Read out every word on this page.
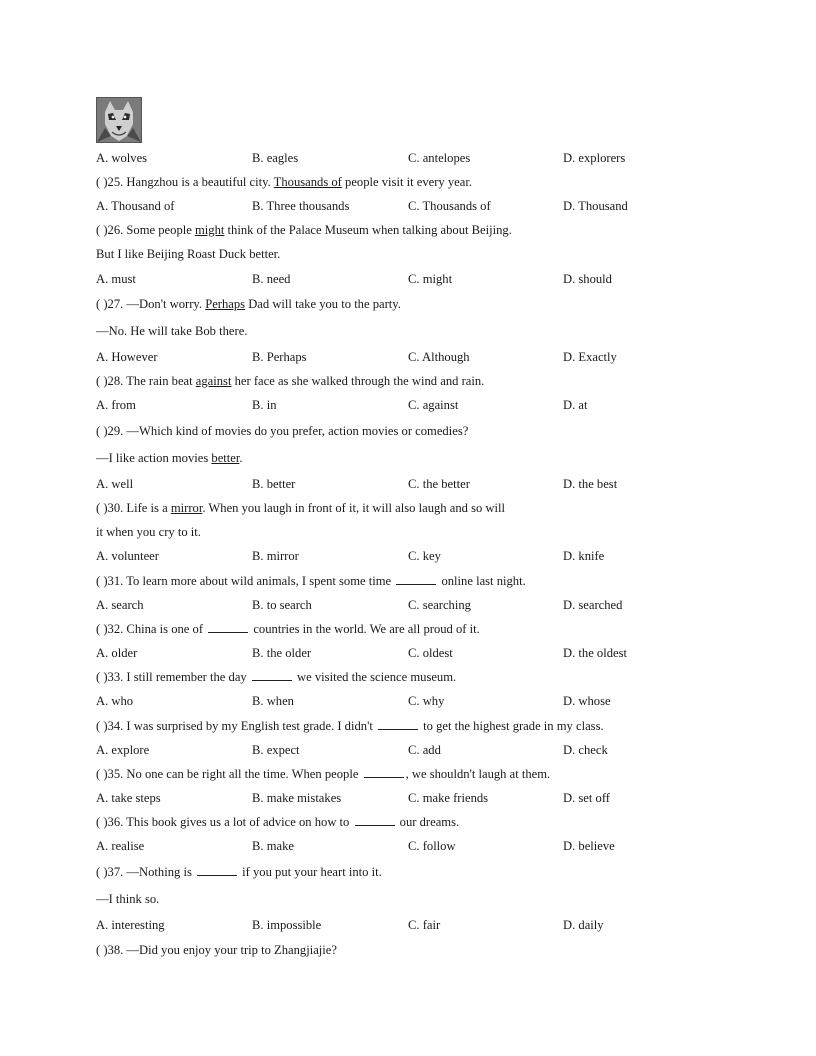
A. wolves	B. eagles	C. antelopes	D. explorers
( )25. Hangzhou is a beautiful city. Thousands of people visit it every year.
A. Thousand of	B. Three thousands	C. Thousands of	D. Thousand
( )26. Some people might think of the Palace Museum when talking about Beijing.
But I like Beijing Roast Duck better.
A. must	B. need	C. might	D. should
( )27. —Don't worry. Perhaps Dad will take you to the party.
—No. He will take Bob there.
A. However	B. Perhaps	C. Although	D. Exactly
( )28. The rain beat against her face as she walked through the wind and rain.
A. from	B. in	C. against	D. at
( )29. —Which kind of movies do you prefer, action movies or comedies?
—I like action movies better.
A. well	B. better	C. the better	D. the best
( )30. Life is a mirror. When you laugh in front of it, it will also laugh and so will
it when you cry to it.
A. volunteer	B. mirror	C. key	D. knife
( )31. To learn more about wild animals, I spent some time	online last night.
A. search	B. to search	C. searching	D. searched
( )32. China is one of	countries in the world. We are all proud of it.
A. older	B. the older	C. oldest	D. the oldest
( )33. I still remember the day	we visited the science museum.
A. who	B. when	C. why	D. whose
( )34. I was surprised by my English test grade. I didn't	to get the highest grade in my class.
A. explore	B. expect	C. add	D. check
( )35. No one can be right all the time. When people	, we shouldn't laugh at them.
A. take steps	B. make mistakes	C. make friends	D. set off
( )36. This book gives us a lot of advice on how to	our dreams.
A. realise	B. make	C. follow	D. believe
( )37. —Nothing is	if you put your heart into it.
—I think so.
A. interesting	B. impossible	C. fair	D. daily
( )38. —Did you enjoy your trip to Zhangjiajie?
